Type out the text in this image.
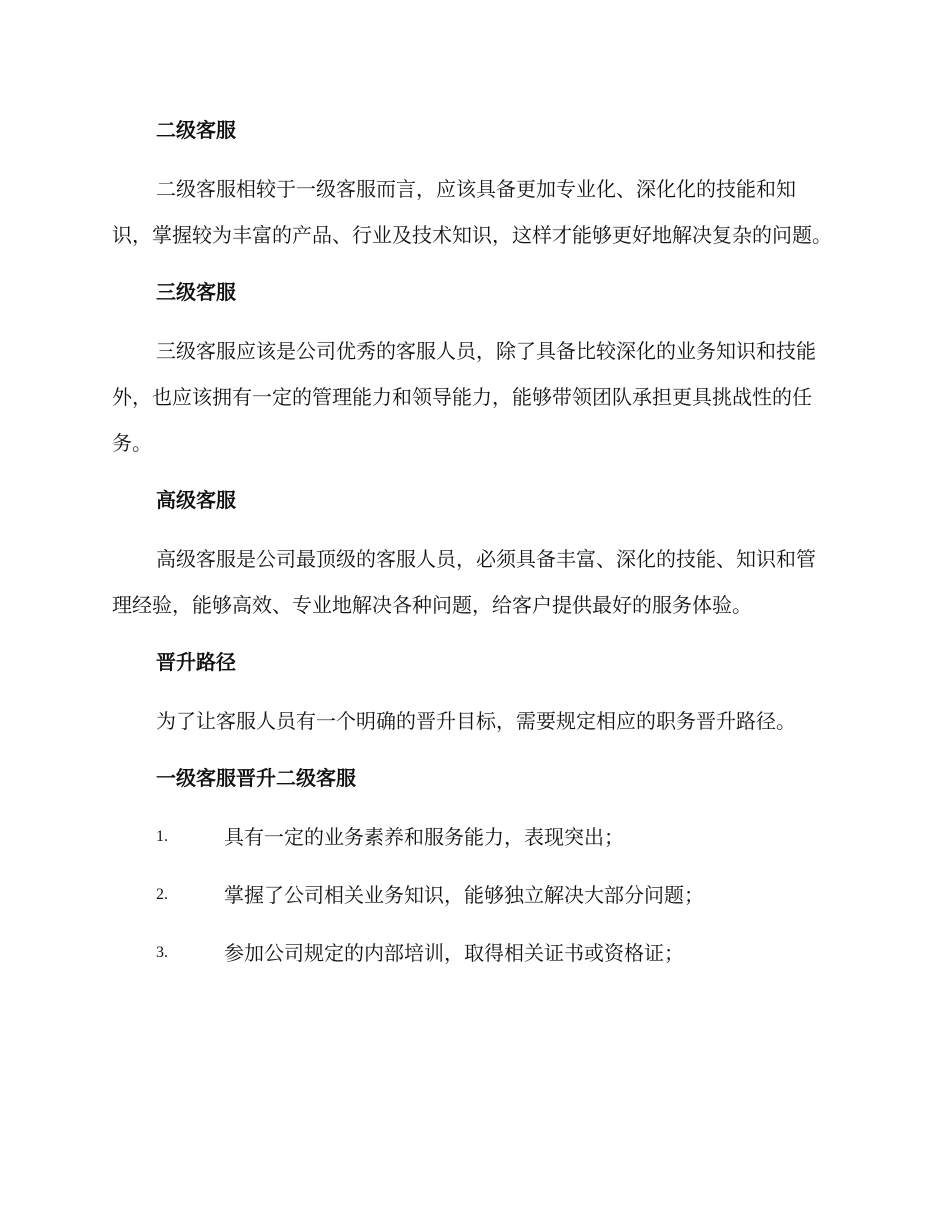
二级客服

二级客服相较于一级客服而言，应该具备更加专业化、深化化的技能和知识，掌握较为丰富的产品、行业及技术知识，这样才能够更好地解决复杂的问题。

三级客服

三级客服应该是公司优秀的客服人员，除了具备比较深化的业务知识和技能外，也应该拥有一定的管理能力和领导能力，能够带领团队承担更具挑战性的任务。

高级客服

高级客服是公司最顶级的客服人员，必须具备丰富、深化的技能、知识和管理经验，能够高效、专业地解决各种问题，给客户提供最好的服务体验。

晋升路径

为了让客服人员有一个明确的晋升目标，需要规定相应的职务晋升路径。

一级客服晋升二级客服
1.	具有一定的业务素养和服务能力，表现突出；
2.	掌握了公司相关业务知识，能够独立解决大部分问题；
3.	参加公司规定的内部培训，取得相关证书或资格证；
